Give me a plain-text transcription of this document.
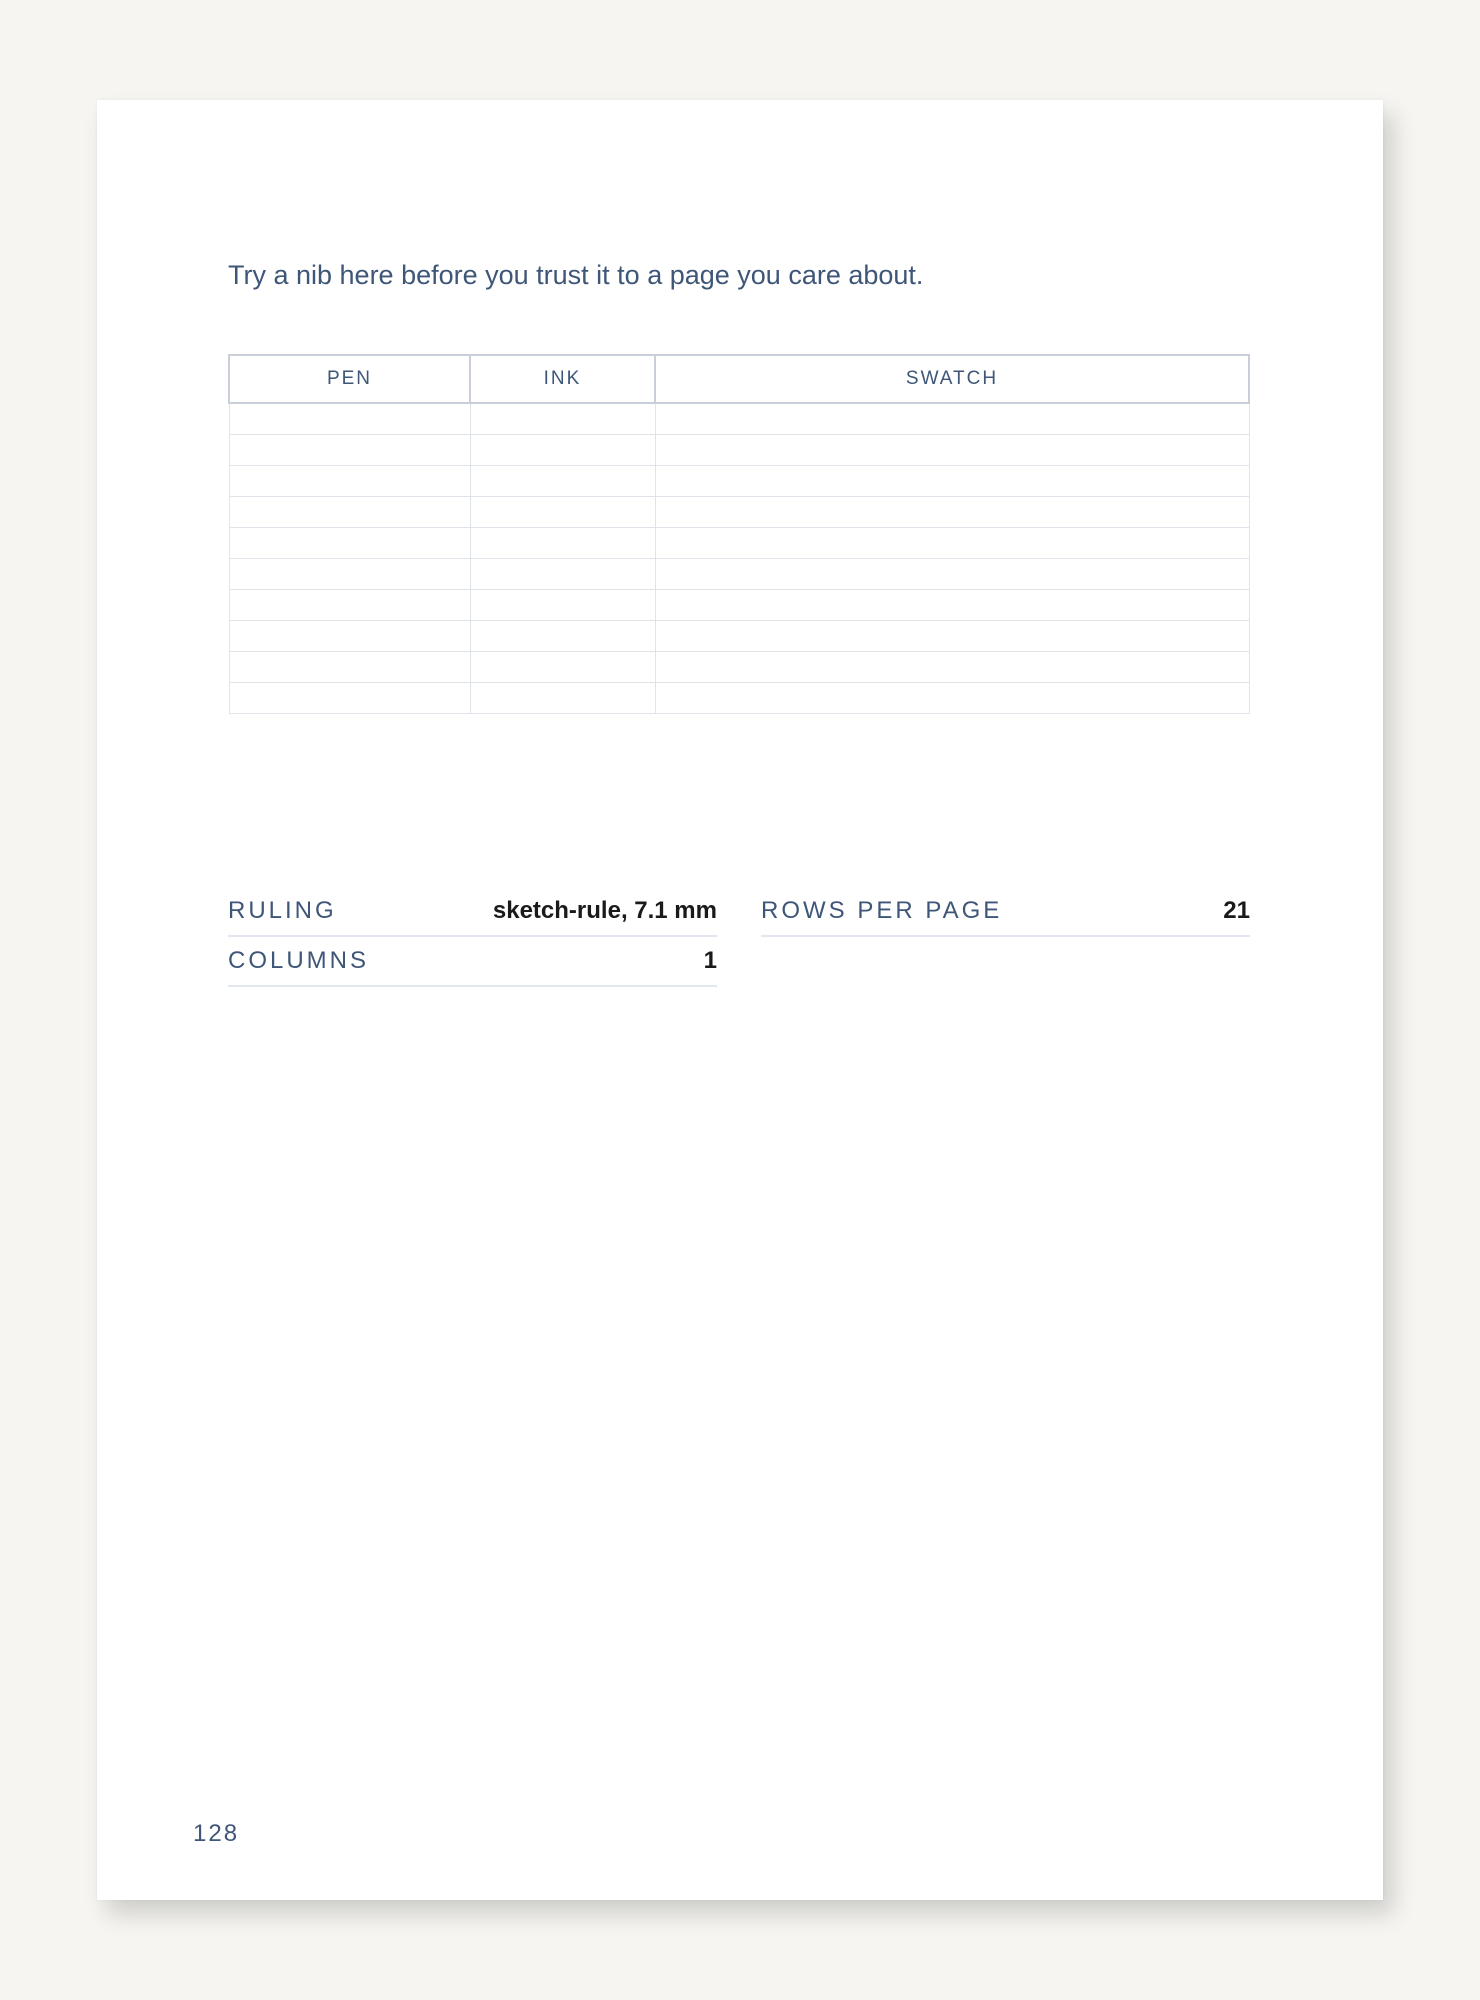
Try a nib here before you trust it to a page you care about.

PEN	INK	SWATCH

RULING	sketch-rule, 7.1 mm ROWS PER PAGE	21
COLUMNS	1
128
